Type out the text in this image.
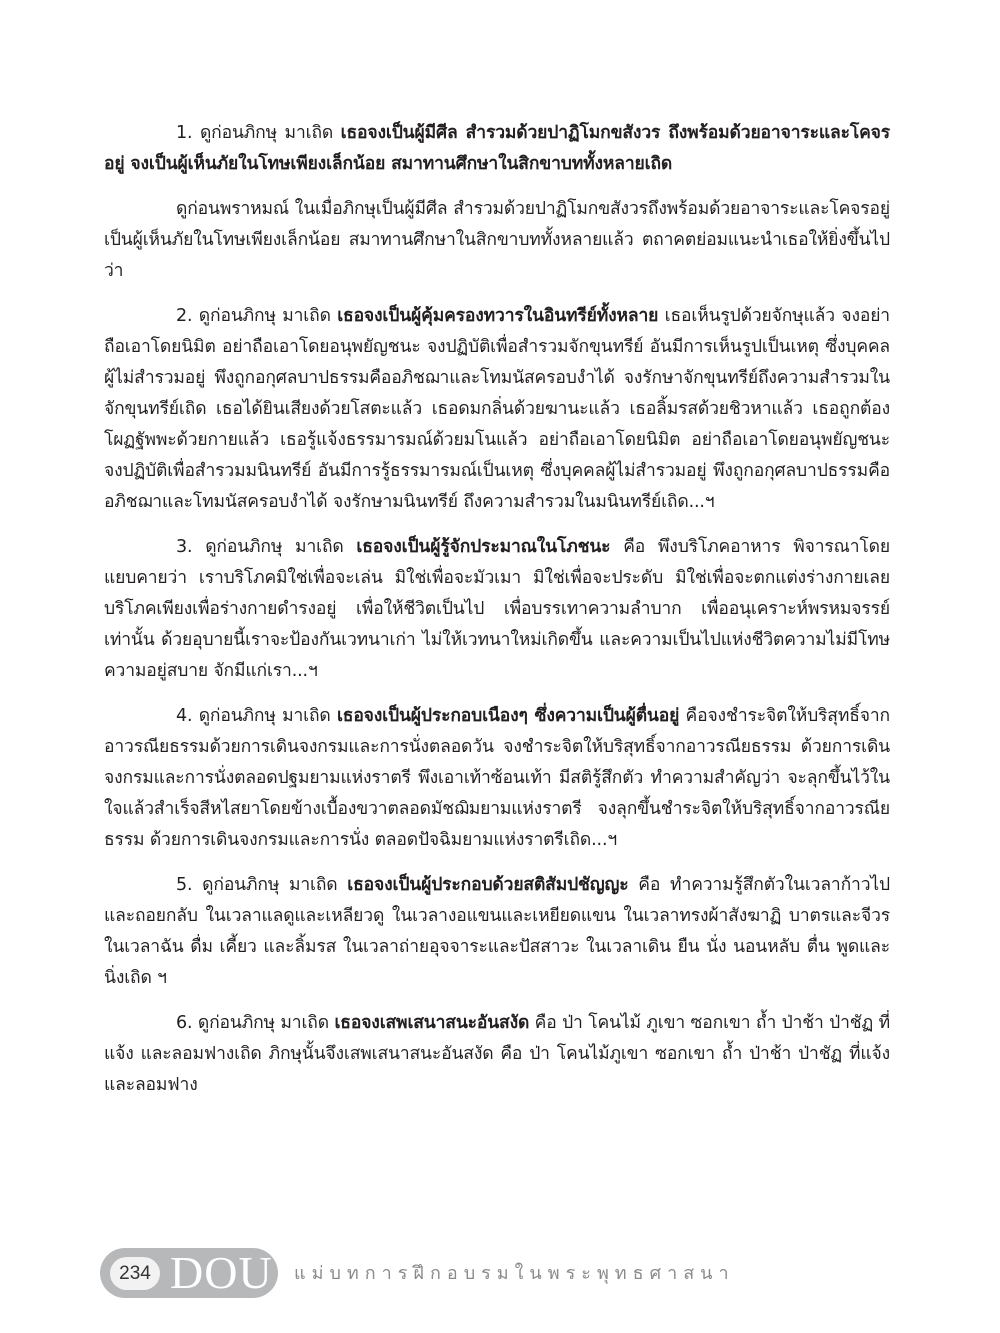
1. ดูก่อนภิกษุ มาเถิด เธอจงเป็นผู้มีศีล สำรวมด้วยปาฏิโมกขสังวร ถึงพร้อมด้วยอาจาระและโคจรอยู่ จงเป็นผู้เห็นภัยในโทษเพียงเล็กน้อย สมาทานศึกษาในสิกขาบททั้งหลายเถิด

ดูก่อนพราหมณ์ ในเมื่อภิกษุเป็นผู้มีศีล สำรวมด้วยปาฏิโมกขสังวรถึงพร้อมด้วยอาจาระและโคจรอยู่ เป็นผู้เห็นภัยในโทษเพียงเล็กน้อย สมาทานศึกษาในสิกขาบททั้งหลายแล้ว ตถาคตย่อมแนะนำเธอให้ยิ่งขึ้นไปว่า

2. ดูก่อนภิกษุ มาเถิด เธอจงเป็นผู้คุ้มครองทวารในอินทรีย์ทั้งหลาย เธอเห็นรูปด้วยจักษุแล้ว จงอย่าถือเอาโดยนิมิต อย่าถือเอาโดยอนุพยัญชนะ จงปฏิบัติเพื่อสำรวมจักขุนทรีย์ อันมีการเห็นรูปเป็นเหตุ ซึ่งบุคคลผู้ไม่สำรวมอยู่ พึงถูกอกุศลบาปธรรมคืออภิชฌาและโทมนัสครอบงำได้ จงรักษาจักขุนทรีย์ถึงความสำรวมในจักขุนทรีย์เถิด เธอได้ยินเสียงด้วยโสตะแล้ว เธอดมกลิ่นด้วยฆานะแล้ว เธอลิ้มรสด้วยชิวหาแล้ว เธอถูกต้องโผฏฐัพพะด้วยกายแล้ว เธอรู้แจ้งธรรมารมณ์ด้วยมโนแล้ว อย่าถือเอาโดยนิมิต อย่าถือเอาโดยอนุพยัญชนะ จงปฏิบัติเพื่อสำรวมมนินทรีย์ อันมีการรู้ธรรมารมณ์เป็นเหตุ ซึ่งบุคคลผู้ไม่สำรวมอยู่ พึงถูกอกุศลบาปธรรมคืออภิชฌาและโทมนัสครอบงำได้ จงรักษามนินทรีย์ ถึงความสำรวมในมนินทรีย์เถิด...ฯ

3. ดูก่อนภิกษุ มาเถิด เธอจงเป็นผู้รู้จักประมาณในโภชนะ คือ พึงบริโภคอาหาร พิจารณาโดยแยบคายว่า เราบริโภคมิใช่เพื่อจะเล่น มิใช่เพื่อจะมัวเมา มิใช่เพื่อจะประดับ มิใช่เพื่อจะตกแต่งร่างกายเลย บริโภคเพียงเพื่อร่างกายดำรงอยู่ เพื่อให้ชีวิตเป็นไป เพื่อบรรเทาความลำบาก เพื่ออนุเคราะห์พรหมจรรย์เท่านั้น ด้วยอุบายนี้เราจะป้องกันเวทนาเก่า ไม่ให้เวทนาใหม่เกิดขึ้น และความเป็นไปแห่งชีวิตความไม่มีโทษ ความอยู่สบาย จักมีแก่เรา...ฯ

4. ดูก่อนภิกษุ มาเถิด เธอจงเป็นผู้ประกอบเนืองๆ ซึ่งความเป็นผู้ตื่นอยู่ คือจงชำระจิตให้บริสุทธิ์จากอาวรณียธรรมด้วยการเดินจงกรมและการนั่งตลอดวัน จงชำระจิตให้บริสุทธิ์จากอาวรณียธรรม ด้วยการเดินจงกรมและการนั่งตลอดปฐมยามแห่งราตรี พึงเอาเท้าซ้อนเท้า มีสติรู้สึกตัว ทำความสำคัญว่า จะลุกขึ้นไว้ในใจแล้วสำเร็จสีหไสยาโดยข้างเบื้องขวาตลอดมัชฌิมยามแห่งราตรี จงลุกขึ้นชำระจิตให้บริสุทธิ์จากอาวรณียธรรม ด้วยการเดินจงกรมและการนั่ง ตลอดปัจฉิมยามแห่งราตรีเถิด...ฯ

5. ดูก่อนภิกษุ มาเถิด เธอจงเป็นผู้ประกอบด้วยสติสัมปชัญญะ คือ ทำความรู้สึกตัวในเวลาก้าวไปและถอยกลับ ในเวลาแลดูและเหลียวดู ในเวลางอแขนและเหยียดแขน ในเวลาทรงผ้าสังฆาฏิ บาตรและจีวร ในเวลาฉัน ดื่ม เคี้ยว และลิ้มรส ในเวลาถ่ายอุจจาระและปัสสาวะ ในเวลาเดิน ยืน นั่ง นอนหลับ ตื่น พูดและนิ่งเถิด ฯ

6. ดูก่อนภิกษุ มาเถิด เธอจงเสพเสนาสนะอันสงัด คือ ป่า โคนไม้ ภูเขา ซอกเขา ถ้ำ ป่าช้า ป่าชัฏ ที่แจ้ง และลอมฟางเถิด ภิกษุนั้นจึงเสพเสนาสนะอันสงัด คือ ป่า โคนไม้ภูเขา ซอกเขา ถ้ำ ป่าช้า ป่าชัฏ ที่แจ้ง และลอมฟาง

234 DOU แม่บทการฝึกอบรมในพระพุทธศาสนา
